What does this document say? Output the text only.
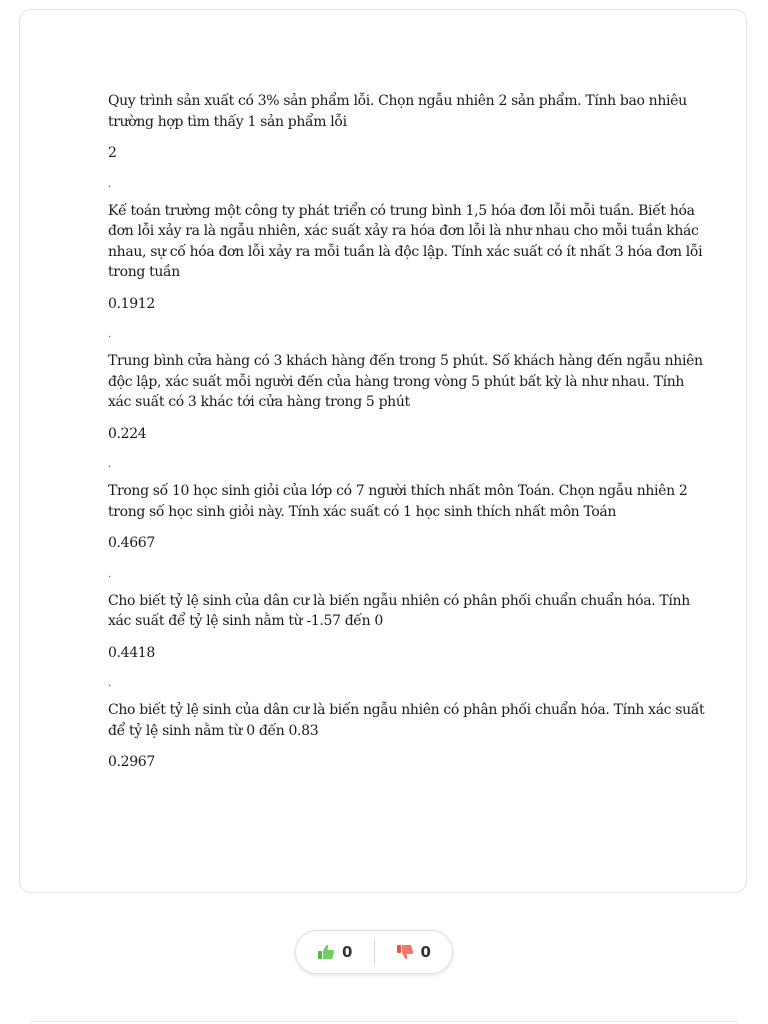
Quy trình sản xuất có 3% sản phẩm lỗi. Chọn ngẫu nhiên 2 sản phẩm. Tính bao nhiêu trường hợp tìm thấy 1 sản phẩm lỗi

2

.

Kế toán trường một công ty phát triển có trung bình 1,5 hóa đơn lỗi mỗi tuần. Biết hóa đơn lỗi xảy ra là ngẫu nhiên, xác suất xảy ra hóa đơn lỗi là như nhau cho mỗi tuần khác nhau, sự cố hóa đơn lỗi xảy ra mỗi tuần là độc lập. Tính xác suất có ít nhất 3 hóa đơn lỗi trong tuần

0.1912

.

Trung bình cửa hàng có 3 khách hàng đến trong 5 phút. Số khách hàng đến ngẫu nhiên độc lập, xác suất mỗi người đến của hàng trong vòng 5 phút bất kỳ là như nhau. Tính xác suất có 3 khác tới cửa hàng trong 5 phút

0.224

.

Trong số 10 học sinh giỏi của lớp có 7 người thích nhất môn Toán. Chọn ngẫu nhiên 2 trong số học sinh giỏi này. Tính xác suất có 1 học sinh thích nhất môn Toán

0.4667

.

Cho biết tỷ lệ sinh của dân cư là biến ngẫu nhiên có phân phối chuẩn chuẩn hóa. Tính xác suất để tỷ lệ sinh nằm từ -1.57 đến 0

0.4418

.

Cho biết tỷ lệ sinh của dân cư là biến ngẫu nhiên có phân phối chuẩn hóa. Tính xác suất để tỷ lệ sinh nằm từ 0 đến 0.83

0.2967

0	0
